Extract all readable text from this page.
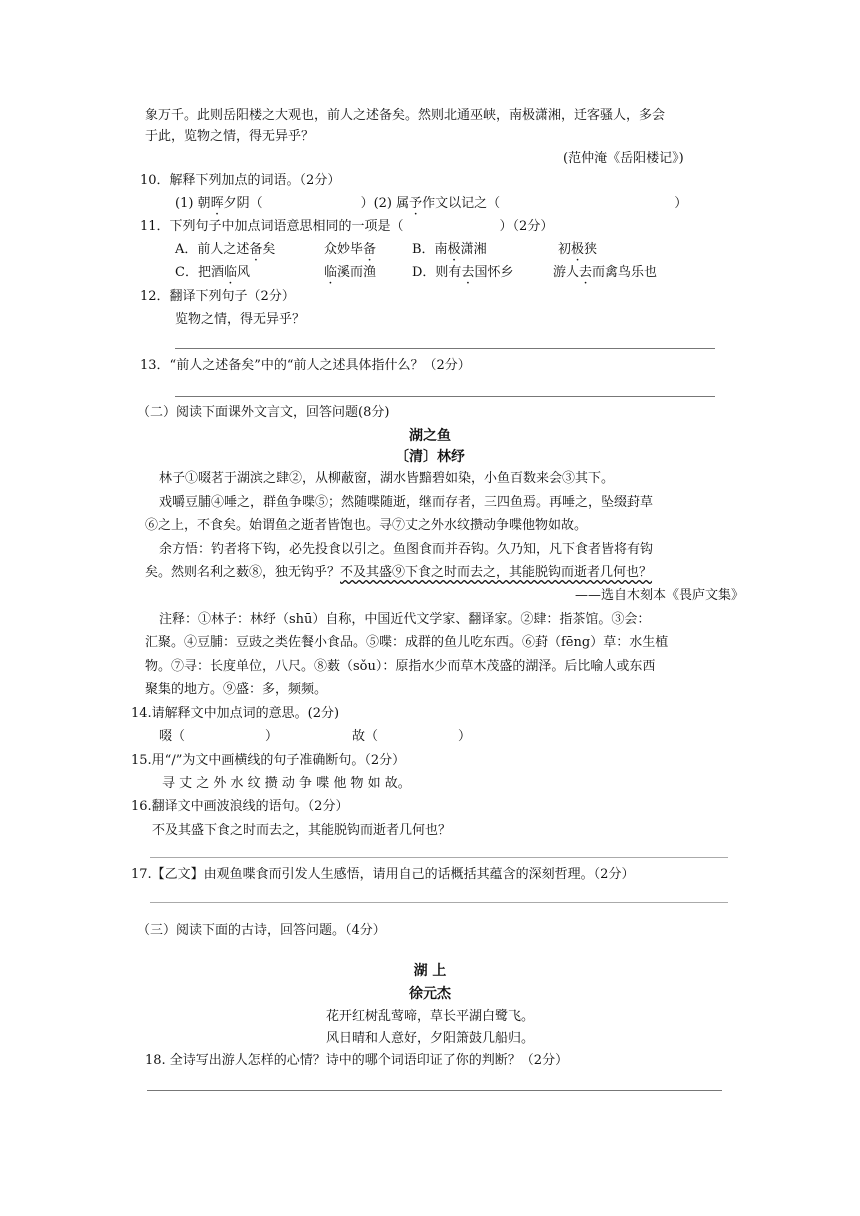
象万千。此则岳阳楼之大观也，前人之述备矣。然则北通巫峡，南极潇湘，迁客骚人，多会
于此，览物之情，得无异乎？
(范仲淹《岳阳楼记》)
10．解释下列加点的词语。（2分）
(1) 朝晖夕阴（	）(2) 属予作文以记之（	）
11．下列句子中加点词语意思相同的一项是（	）（2分）
A．前人之述备矣	众妙毕备	B．南极潇湘	初极狭
C．把酒临风	临溪而渔	D．则有去国怀乡	游人去而禽鸟乐也
12．翻译下列句子（2分）
览物之情，得无异乎？
13．“前人之述备矣”中的“前人之述具体指什么？（2分）
（二）阅读下面课外文言文，回答问题(8分)
湖之鱼
〔清〕林纾
林子①啜茗于湖滨之肆②，从柳蔽窗，湖水皆黯碧如染，小鱼百数来会③其下。
戏嚼豆脯④唾之，群鱼争喋⑤；然随喋随逝，继而存者，三四鱼焉。再唾之，坠缀葑草
⑥之上，不食矣。始谓鱼之逝者皆饱也。寻⑦丈之外水纹攒动争喋他物如故。
余方悟：钓者将下钩，必先投食以引之。鱼图食而并吞钩。久乃知，凡下食者皆将有钩
矣。然则名利之薮⑧，独无钩乎？不及其盛⑨下食之时而去之，其能脱钩而逝者几何也？
——选自木刻本《畏庐文集》
注释：①林子：林纾（shū）自称，中国近代文学家、翻译家。②肆：指茶馆。③会：
汇聚。④豆脯：豆豉之类佐餐小食品。⑤喋：成群的鱼儿吃东西。⑥葑（fēng）草：水生植
物。⑦寻：长度单位，八尺。⑧薮（sǒu）：原指水少而草木茂盛的湖泽。后比喻人或东西
聚集的地方。⑨盛：多，频频。
14.请解释文中加点词的意思。(2分)
啜（	）	故（	）
15.用“/”为文中画横线的句子准确断句。（2分）
寻 丈 之 外 水 纹 攒 动 争 喋 他 物 如 故。
16.翻译文中画波浪线的语句。（2分）
不及其盛下食之时而去之，其能脱钩而逝者几何也？
17.【乙文】由观鱼喋食而引发人生感悟，请用自己的话概括其蕴含的深刻哲理。（2分）
（三）阅读下面的古诗，回答问题。（4分）
湖 上
徐元杰
花开红树乱莺啼，草长平湖白鹭飞。
风日晴和人意好，夕阳箫鼓几船归。
18. 全诗写出游人怎样的心情？诗中的哪个词语印证了你的判断？（2分）
